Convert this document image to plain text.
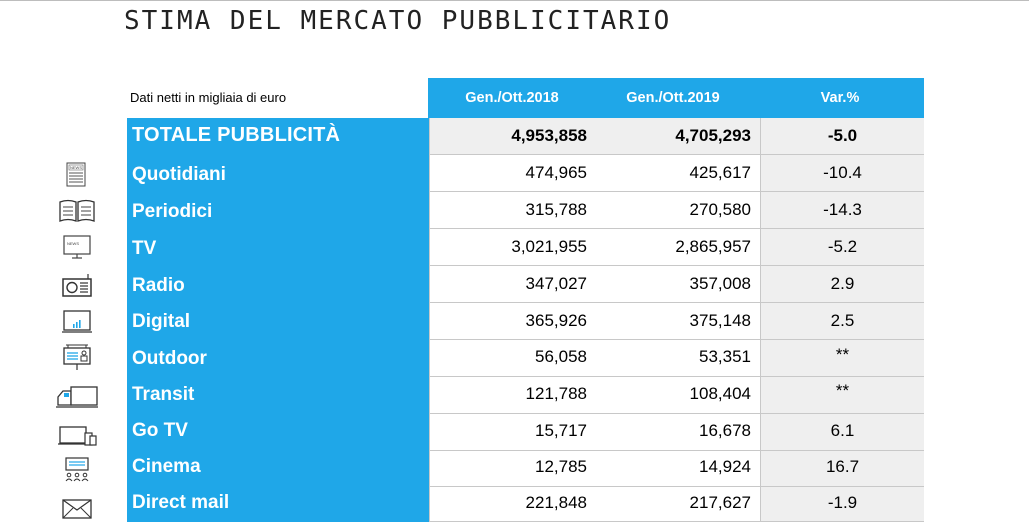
STIMA DEL MERCATO PUBBLICITARIO
Dati netti in migliaia di euro	Gen./Ott.2018	Gen./Ott.2019	Var.%
TOTALE PUBBLICITÀ	4,953,858	4,705,293	-5.0
NEWS	Quotidiani	474,965	425,617	-10.4
Periodici	315,788	270,580	-14.3
NEWS	TV	3,021,955	2,865,957	-5.2
Radio	347,027	357,008	2.9
Digital	365,926	375,148	2.5
Outdoor	56,058	53,351	**
Transit	121,788	108,404	**
Go TV	15,717	16,678	6.1
Cinema	12,785	14,924	16.7
Direct mail	221,848	217,627	-1.9
